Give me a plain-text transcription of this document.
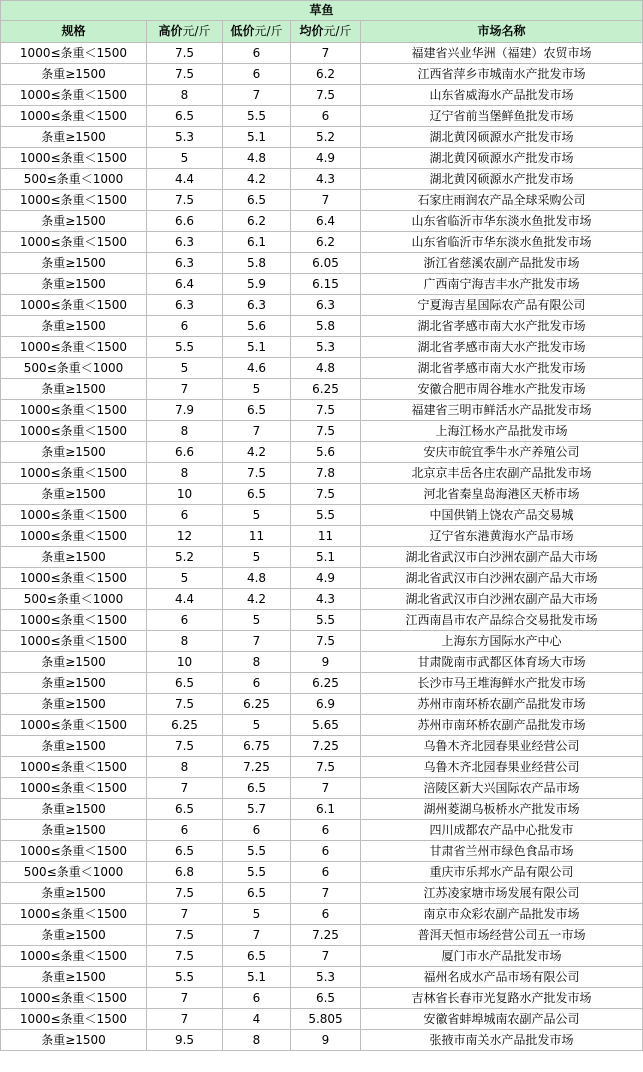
草鱼				
规格	高价元/斤	低价元/斤	均价元/斤	市场名称
1000≤条重＜1500	7.5	6	7	福建省兴业华洲（福建）农贸市场
条重≥1500	7.5	6	6.2	江西省萍乡市城南水产批发市场
1000≤条重＜1500	8	7	7.5	山东省威海水产品批发市场
1000≤条重＜1500	6.5	5.5	6	辽宁省前当堡鲜鱼批发市场
条重≥1500	5.3	5.1	5.2	湖北黄冈硕源水产批发市场
1000≤条重＜1500	5	4.8	4.9	湖北黄冈硕源水产批发市场
500≤条重＜1000	4.4	4.2	4.3	湖北黄冈硕源水产批发市场
1000≤条重＜1500	7.5	6.5	7	石家庄雨润农产品全球采购公司
条重≥1500	6.6	6.2	6.4	山东省临沂市华东淡水鱼批发市场
1000≤条重＜1500	6.3	6.1	6.2	山东省临沂市华东淡水鱼批发市场
条重≥1500	6.3	5.8	6.05	浙江省慈溪农副产品批发市场
条重≥1500	6.4	5.9	6.15	广西南宁海吉丰水产批发市场
1000≤条重＜1500	6.3	6.3	6.3	宁夏海吉星国际农产品有限公司
条重≥1500	6	5.6	5.8	湖北省孝感市南大水产批发市场
1000≤条重＜1500	5.5	5.1	5.3	湖北省孝感市南大水产批发市场
500≤条重＜1000	5	4.6	4.8	湖北省孝感市南大水产批发市场
条重≥1500	7	5	6.25	安徽合肥市周谷堆水产批发市场
1000≤条重＜1500	7.9	6.5	7.5	福建省三明市鲜活水产品批发市场
1000≤条重＜1500	8	7	7.5	上海江杨水产品批发市场
条重≥1500	6.6	4.2	5.6	安庆市皖宜季牛水产养殖公司
1000≤条重＜1500	8	7.5	7.8	北京京丰岳各庄农副产品批发市场
条重≥1500	10	6.5	7.5	河北省秦皇岛海港区天桥市场
1000≤条重＜1500	6	5	5.5	中国供销上饶农产品交易城
1000≤条重＜1500	12	11	11	辽宁省东港黄海水产品市场
条重≥1500	5.2	5	5.1	湖北省武汉市白沙洲农副产品大市场
1000≤条重＜1500	5	4.8	4.9	湖北省武汉市白沙洲农副产品大市场
500≤条重＜1000	4.4	4.2	4.3	湖北省武汉市白沙洲农副产品大市场
1000≤条重＜1500	6	5	5.5	江西南昌市农产品综合交易批发市场
1000≤条重＜1500	8	7	7.5	上海东方国际水产中心
条重≥1500	10	8	9	甘肃陇南市武都区体育场大市场
条重≥1500	6.5	6	6.25	长沙市马王堆海鲜水产批发市场
条重≥1500	7.5	6.25	6.9	苏州市南环桥农副产品批发市场
1000≤条重＜1500	6.25	5	5.65	苏州市南环桥农副产品批发市场
条重≥1500	7.5	6.75	7.25	乌鲁木齐北园春果业经营公司
1000≤条重＜1500	8	7.25	7.5	乌鲁木齐北园春果业经营公司
1000≤条重＜1500	7	6.5	7	涪陵区新大兴国际农产品市场
条重≥1500	6.5	5.7	6.1	湖州菱湖乌板桥水产批发市场
条重≥1500	6	6	6	四川成都农产品中心批发市
1000≤条重＜1500	6.5	5.5	6	甘肃省兰州市绿色食品市场
500≤条重＜1000	6.8	5.5	6	重庆市乐邦水产品有限公司
条重≥1500	7.5	6.5	7	江苏凌家塘市场发展有限公司
1000≤条重＜1500	7	5	6	南京市众彩农副产品批发市场
条重≥1500	7.5	7	7.25	普洱天恒市场经营公司五一市场
1000≤条重＜1500	7.5	6.5	7	厦门市水产品批发市场
条重≥1500	5.5	5.1	5.3	福州名成水产品市场有限公司
1000≤条重＜1500	7	6	6.5	吉林省长春市光复路水产批发市场
1000≤条重＜1500	7	4	5.805	安徽省蚌埠城南农副产品公司
条重≥1500	9.5	8	9	张掖市南关水产品批发市场
